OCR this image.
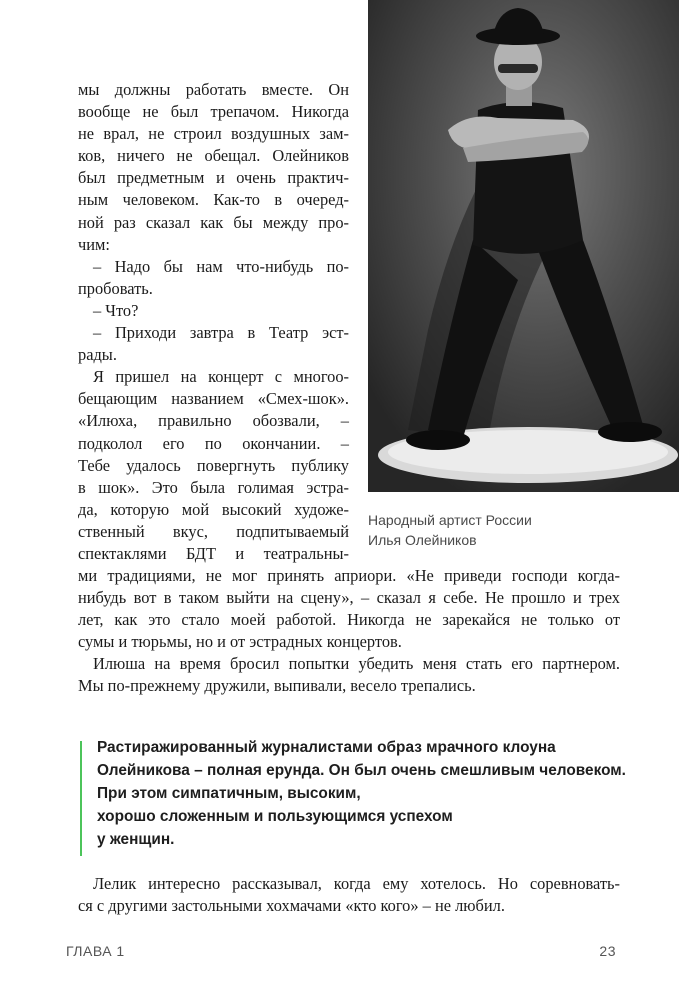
Народный артист России
Илья Олейников
мы должны работать вместе. Он
вообще не был трепачом. Никогда
не врал, не строил воздушных зам-
ков, ничего не обещал. Олейников
был предметным и очень практич-
ным человеком. Как-то в очеред-
ной раз сказал как бы между про-
чим:
– Надо бы нам что-нибудь по-
пробовать.
– Что?
– Приходи завтра в Театр эст-
рады.
Я пришел на концерт с многоо-
бещающим названием «Смех-шок».
«Илюха, правильно обозвали, –
подколол его по окончании. –
Тебе удалось повергнуть публику
в шок». Это была голимая эстра-
да, которую мой высокий художе-
ственный вкус, подпитываемый
спектаклями БДТ и театральны-
ми традициями, не мог принять априори. «Не приведи господи когда-
нибудь вот в таком выйти на сцену», – сказал я себе. Не прошло и трех
лет, как это стало моей работой. Никогда не зарекайся не только от
сумы и тюрьмы, но и от эстрадных концертов.
Илюша на время бросил попытки убедить меня стать его партнером.
Мы по-прежнему дружили, выпивали, весело трепались.
Растиражированный журналистами образ мрачного клоуна
Олейникова – полная ерунда. Он был очень смешливым человеком.
При этом симпатичным, высоким,
хорошо сложенным и пользующимся успехом
у женщин.
Лелик интересно рассказывал, когда ему хотелось. Но соревновать-
ся с другими застольными хохмачами «кто кого» – не любил.
ГЛАВА 1	23
